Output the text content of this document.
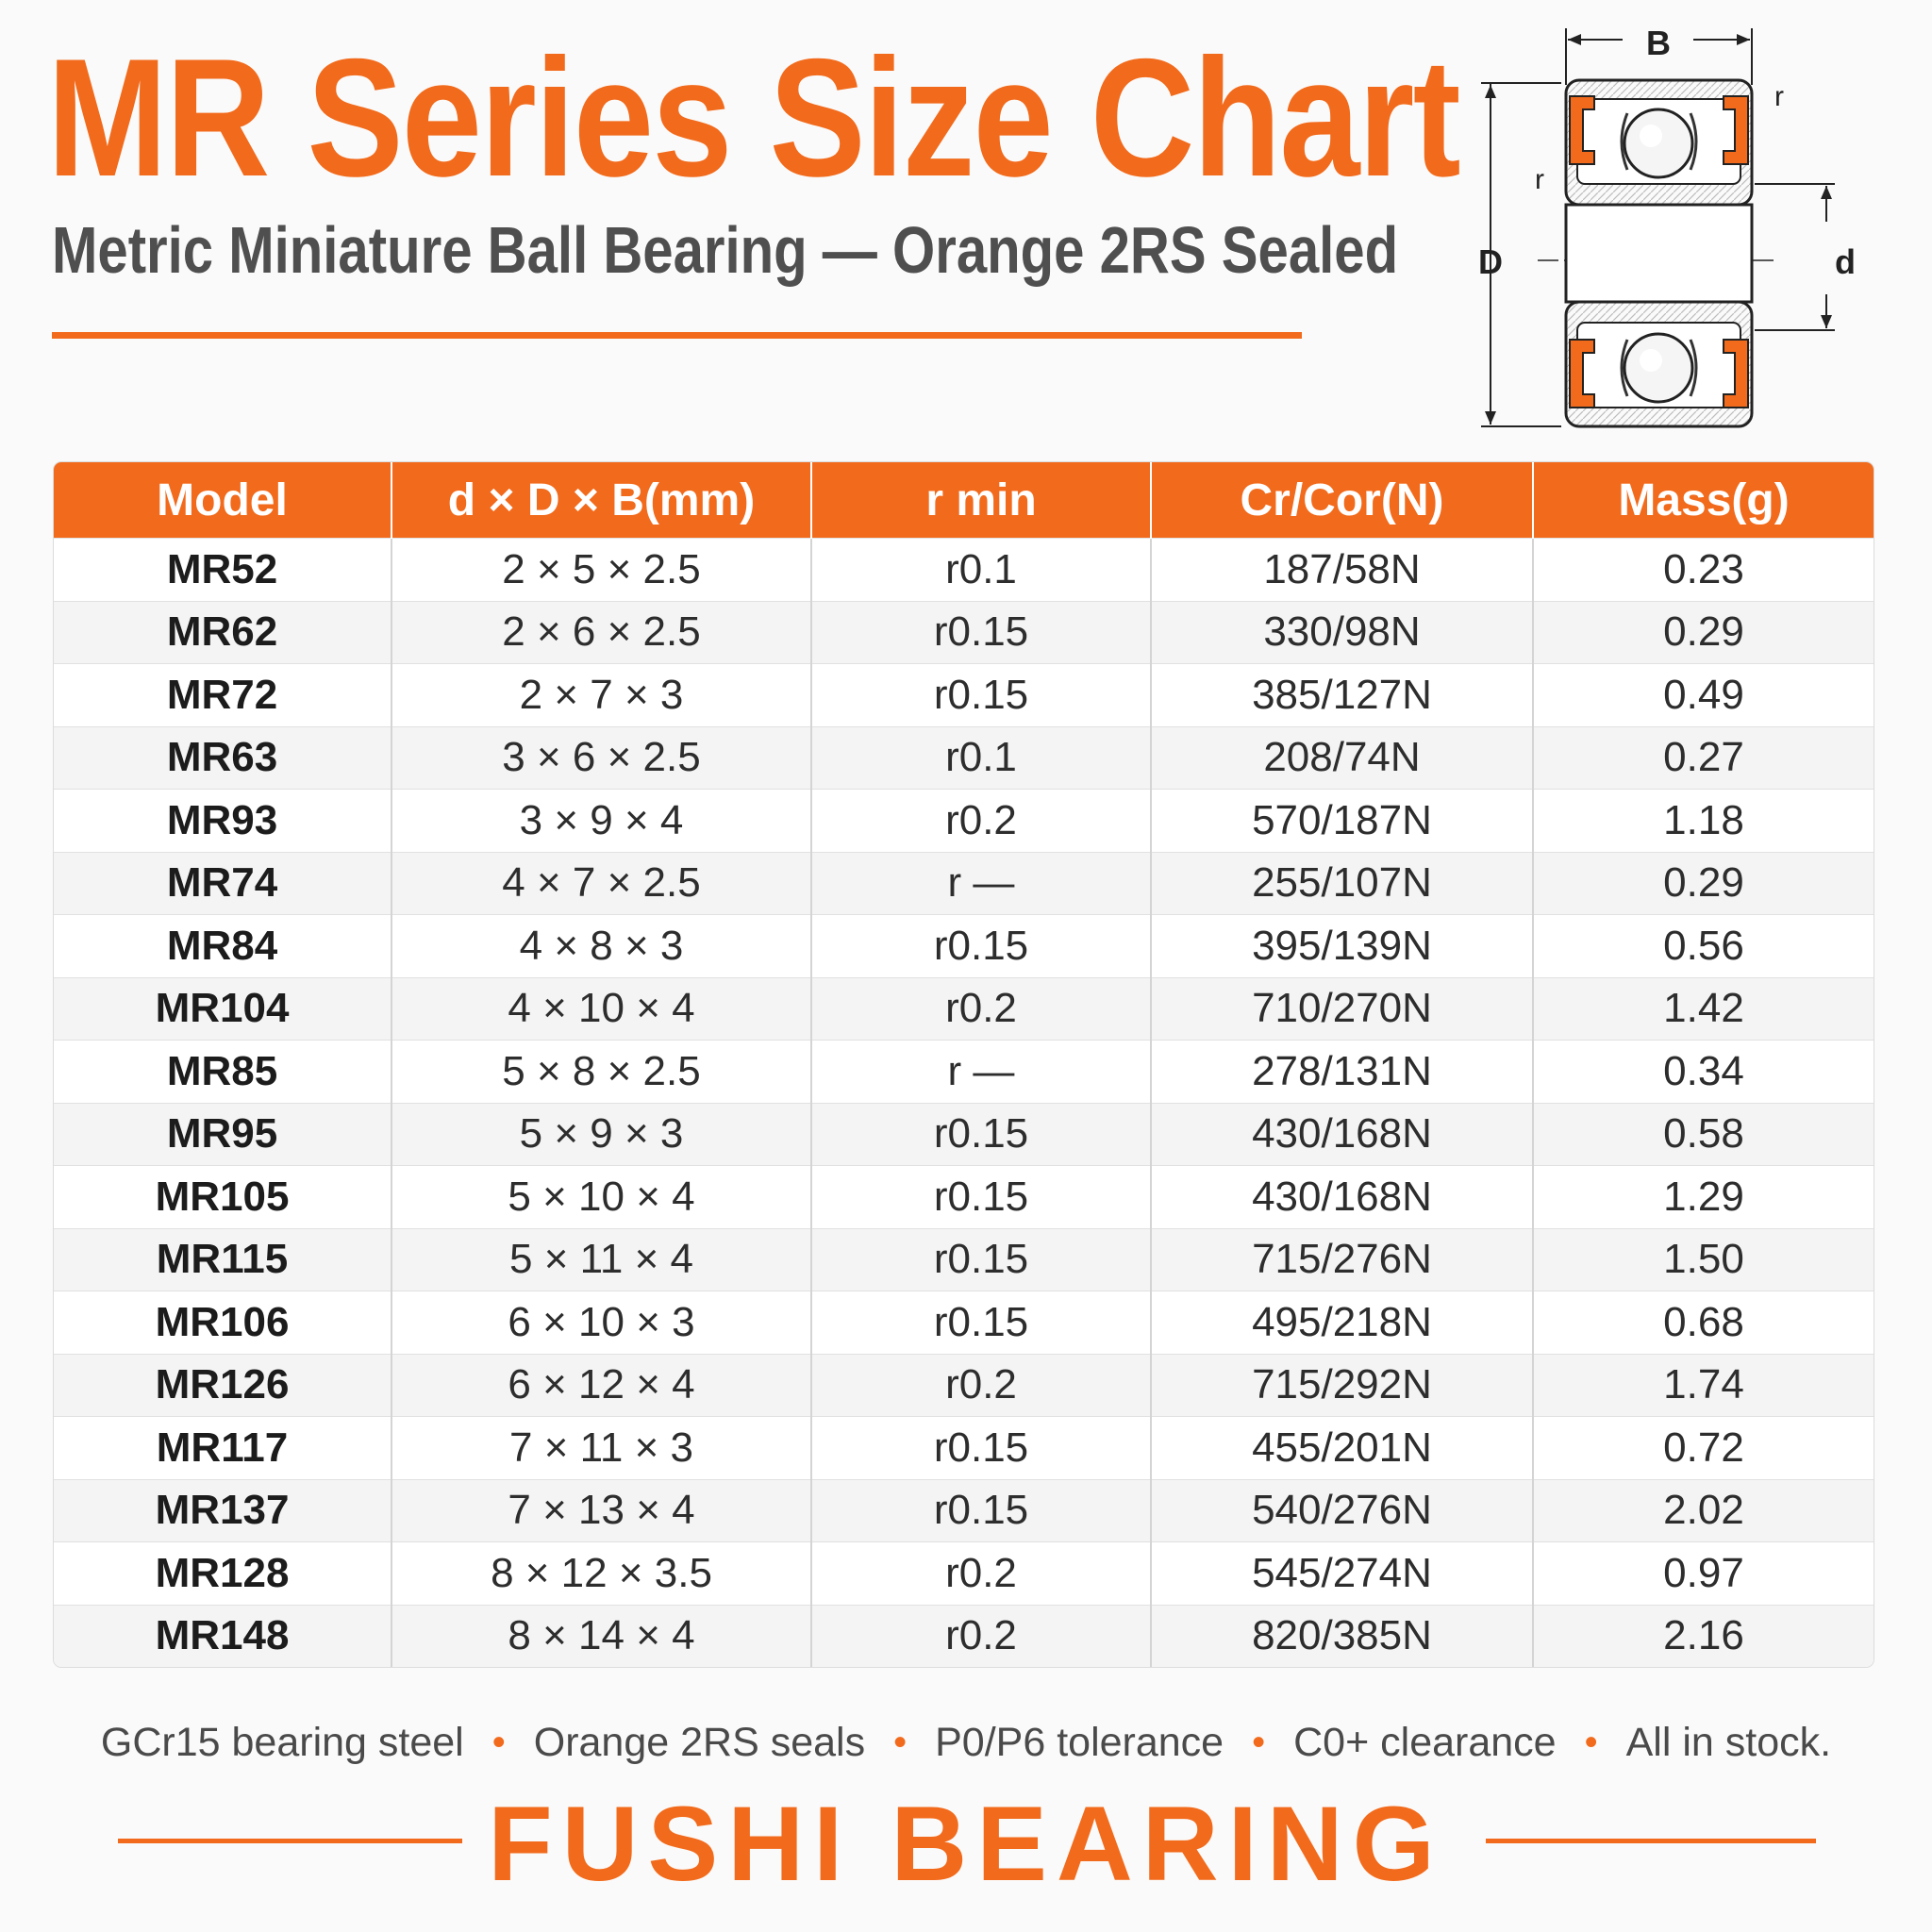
MR Series Size Chart
Metric Miniature Ball Bearing — Orange 2RS Sealed
B
D	d
r
r
Model	d × D × B(mm)	r min	Cr/Cor(N)	Mass(g)
MR52	2 × 5 × 2.5	r0.1	187/58N	0.23
MR62	2 × 6 × 2.5	r0.15	330/98N	0.29
MR72	2 × 7 × 3	r0.15	385/127N	0.49
MR63	3 × 6 × 2.5	r0.1	208/74N	0.27
MR93	3 × 9 × 4	r0.2	570/187N	1.18
MR74	4 × 7 × 2.5	r —	255/107N	0.29
MR84	4 × 8 × 3	r0.15	395/139N	0.56
MR104	4 × 10 × 4	r0.2	710/270N	1.42
MR85	5 × 8 × 2.5	r —	278/131N	0.34
MR95	5 × 9 × 3	r0.15	430/168N	0.58
MR105	5 × 10 × 4	r0.15	430/168N	1.29
MR115	5 × 11 × 4	r0.15	715/276N	1.50
MR106	6 × 10 × 3	r0.15	495/218N	0.68
MR126	6 × 12 × 4	r0.2	715/292N	1.74
MR117	7 × 11 × 3	r0.15	455/201N	0.72
MR137	7 × 13 × 4	r0.15	540/276N	2.02
MR128	8 × 12 × 3.5	r0.2	545/274N	0.97
MR148	8 × 14 × 4	r0.2	820/385N	2.16
GCr15 bearing steel • Orange 2RS seals • P0/P6 tolerance • C0+ clearance • All in stock.

FUSHI BEARING
